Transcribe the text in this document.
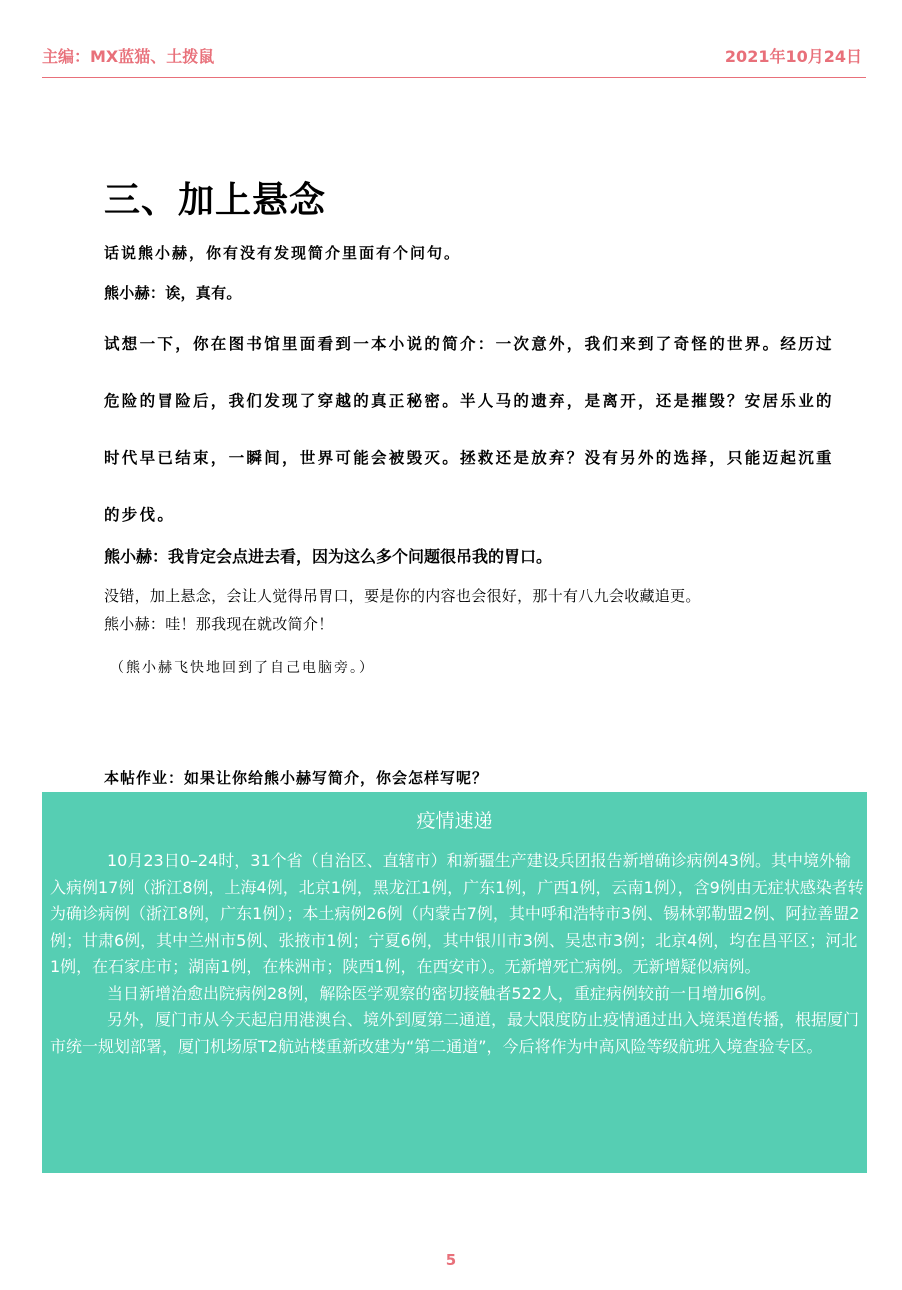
主编：MX蓝猫、土拨鼠	2021年10月24日
三、加上悬念
话说熊小赫，你有没有发现简介里面有个问句。
熊小赫：诶，真有。
试想一下，你在图书馆里面看到一本小说的简介：一次意外，我们来到了奇怪的世界。经历过危险的冒险后，我们发现了穿越的真正秘密。半人马的遗弃，是离开，还是摧毁？安居乐业的时代早已结束，一瞬间，世界可能会被毁灭。拯救还是放弃？没有另外的选择，只能迈起沉重的步伐。
熊小赫：我肯定会点进去看，因为这么多个问题很吊我的胃口。
没错，加上悬念，会让人觉得吊胃口，要是你的内容也会很好，那十有八九会收藏追更。
熊小赫：哇！那我现在就改简介！
（熊小赫飞快地回到了自己电脑旁。）
本帖作业：如果让你给熊小赫写简介，你会怎样写呢？
疫情速递

10月23日0–24时，31个省（自治区、直辖市）和新疆生产建设兵团报告新增确诊病例43例。其中境外输入病例17例（浙江8例，上海4例，北京1例，黑龙江1例，广东1例，广西1例，云南1例），含9例由无症状感染者转为确诊病例（浙江8例，广东1例）；本土病例26例（内蒙古7例，其中呼和浩特市3例、锡林郭勒盟2例、阿拉善盟2例；甘肃6例，其中兰州市5例、张掖市1例；宁夏6例，其中银川市3例、吴忠市3例；北京4例，均在昌平区；河北1例，在石家庄市；湖南1例，在株洲市；陕西1例，在西安市）。无新增死亡病例。无新增疑似病例。

当日新增治愈出院病例28例，解除医学观察的密切接触者522人，重症病例较前一日增加6例。

另外，厦门市从今天起启用港澳台、境外到厦第二通道，最大限度防止疫情通过出入境渠道传播，根据厦门市统一规划部署，厦门机场原T2航站楼重新改建为“第二通道”，今后将作为中高风险等级航班入境查验专区。

5
